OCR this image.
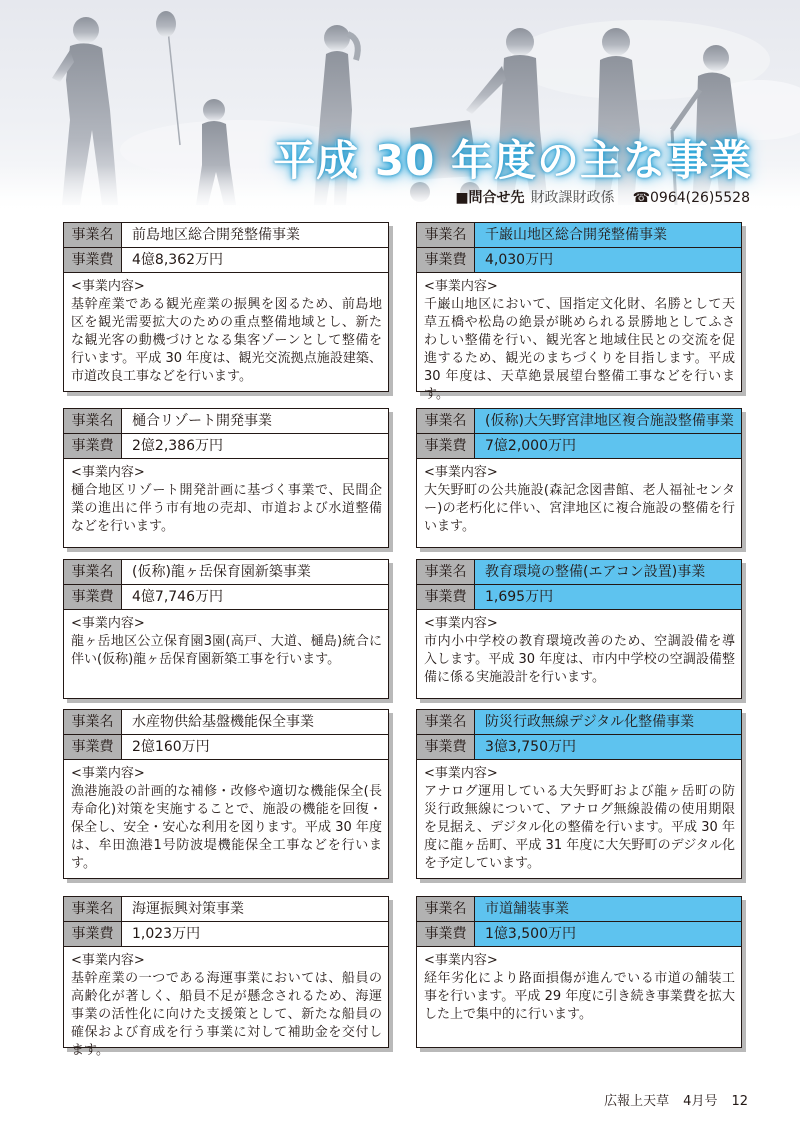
平成 30 年度の主な事業
■問合せ先 財政課財政係 ☎0964(26)5528
事業名	前島地区総合開発整備事業
事業費	4億8,362万円
<事業内容>
基幹産業である観光産業の振興を図るため、前島地区を観光需要拡大のための重点整備地域とし、新たな観光客の動機づけとなる集客ゾーンとして整備を行います。平成 30 年度は、観光交流拠点施設建築、市道改良工事などを行います。
事業名	樋合リゾート開発事業
事業費	2億2,386万円
<事業内容>
樋合地区リゾート開発計画に基づく事業で、民間企業の進出に伴う市有地の売却、市道および水道整備などを行います。
事業名	(仮称)龍ヶ岳保育園新築事業
事業費	4億7,746万円
<事業内容>
龍ヶ岳地区公立保育園3園(高戸、大道、樋島)統合に伴い(仮称)龍ヶ岳保育園新築工事を行います。
事業名	水産物供給基盤機能保全事業
事業費	2億160万円
<事業内容>
漁港施設の計画的な補修・改修や適切な機能保全(長寿命化)対策を実施することで、施設の機能を回復・保全し、安全・安心な利用を図ります。平成 30 年度は、牟田漁港1号防波堤機能保全工事などを行います。
事業名	海運振興対策事業
事業費	1,023万円
<事業内容>
基幹産業の一つである海運事業においては、船員の高齢化が著しく、船員不足が懸念されるため、海運事業の活性化に向けた支援策として、新たな船員の確保および育成を行う事業に対して補助金を交付します。
事業名	千巌山地区総合開発整備事業
事業費	4,030万円
<事業内容>
千巌山地区において、国指定文化財、名勝として天草五橋や松島の絶景が眺められる景勝地としてふさわしい整備を行い、観光客と地域住民との交流を促進するため、観光のまちづくりを目指します。平成 30 年度は、天草絶景展望台整備工事などを行います。
事業名	(仮称)大矢野宮津地区複合施設整備事業
事業費	7億2,000万円
<事業内容>
大矢野町の公共施設(森記念図書館、老人福祉センター)の老朽化に伴い、宮津地区に複合施設の整備を行います。
事業名	教育環境の整備(エアコン設置)事業
事業費	1,695万円
<事業内容>
市内小中学校の教育環境改善のため、空調設備を導入します。平成 30 年度は、市内中学校の空調設備整備に係る実施設計を行います。
事業名	防災行政無線デジタル化整備事業
事業費	3億3,750万円
<事業内容>
アナログ運用している大矢野町および龍ヶ岳町の防災行政無線について、アナログ無線設備の使用期限を見据え、デジタル化の整備を行います。平成 30 年度に龍ヶ岳町、平成 31 年度に大矢野町のデジタル化を予定しています。
事業名	市道舗装事業
事業費	1億3,500万円
<事業内容>
経年劣化により路面損傷が進んでいる市道の舗装工事を行います。平成 29 年度に引き続き事業費を拡大した上で集中的に行います。
広報上天草 4月号 12
